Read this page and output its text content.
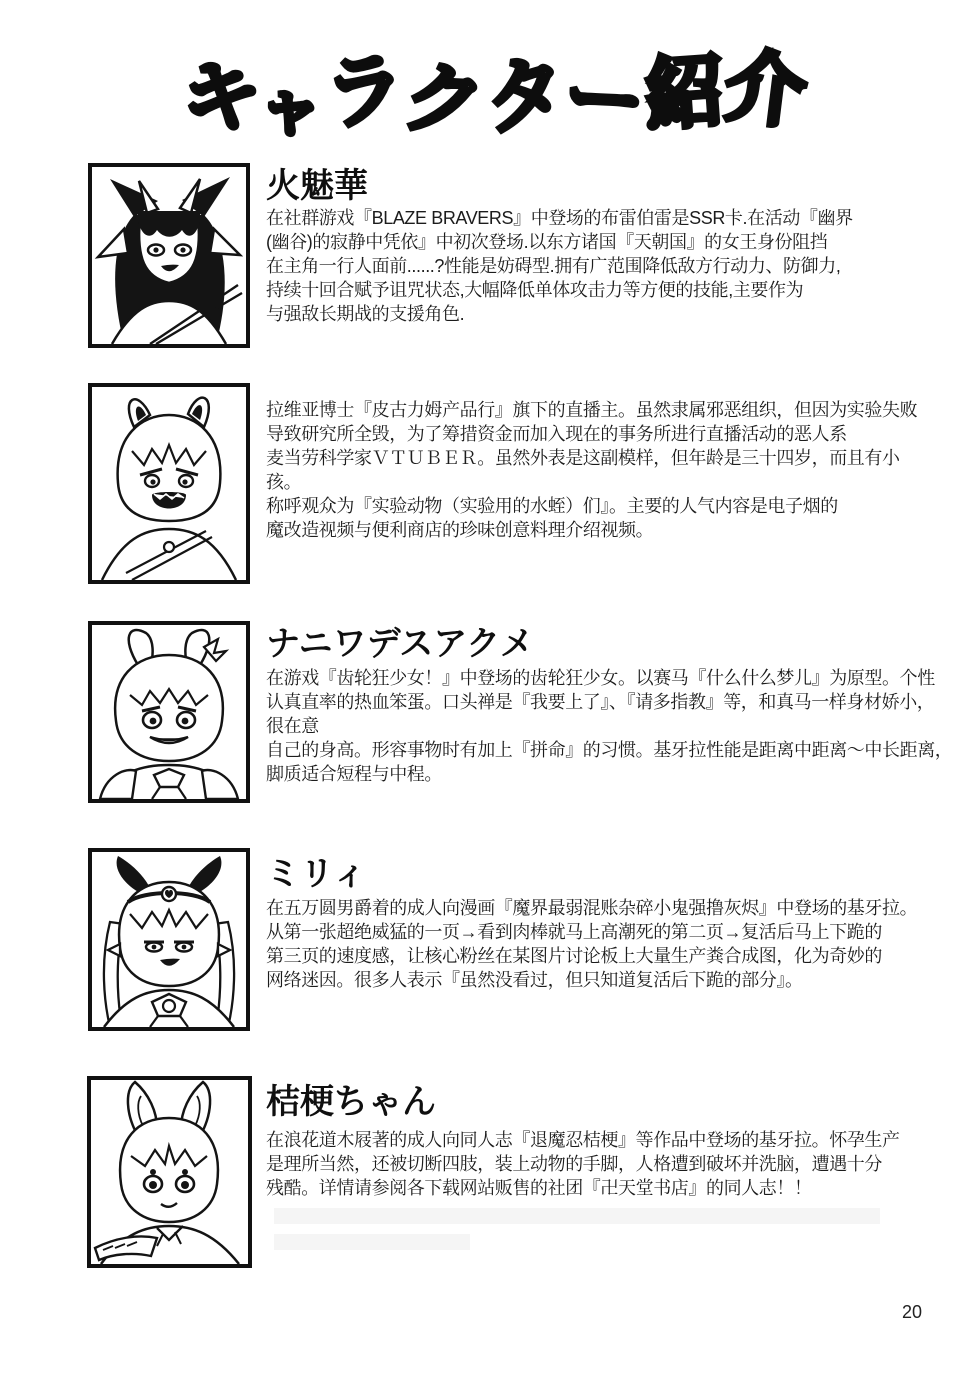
キ
ャ
ラ
ク
タ
ー
紹
介
火魅華
在社群游戏『BLAZE BRAVERS』中登场的布雷伯雷是SSR卡.在活动『幽界
(幽谷)的寂静中凭依』中初次登场.以东方诸国『天朝国』的女王身份阻挡
在主角一行人面前......?性能是妨碍型.拥有广范围降低敌方行动力、防御力,
持续十回合赋予诅咒状态,大幅降低单体攻击力等方便的技能,主要作为
与强敌长期战的支援角色.
拉维亚博士『皮古力姆产品行』旗下的直播主。虽然隶属邪恶组织，但因为实验失败
导致研究所全毁，为了筹措资金而加入现在的事务所进行直播活动的恶人系
麦当劳科学家ＶＴＵＢＥＲ。虽然外表是这副模样，但年龄是三十四岁，而且有小
孩。
称呼观众为『实验动物（实验用的水蛭）们』。主要的人气内容是电子烟的
魔改造视频与便利商店的珍味创意料理介绍视频。
ナニワデスアクメ
在游戏『齿轮狂少女！』中登场的齿轮狂少女。以赛马『什么什么梦儿』为原型。个性
认真直率的热血笨蛋。口头禅是『我要上了』、『请多指教』等，和真马一样身材娇小，
很在意
自己的身高。形容事物时有加上『拼命』的习惯。基牙拉性能是距离中距离～中长距离，
脚质适合短程与中程。
ミリィ
在五万圆男爵着的成人向漫画『魔界最弱混账杂碎小鬼强撸灰烬』中登场的基牙拉。
从第一张超绝威猛的一页→看到肉棒就马上高潮死的第二页→复活后马上下跪的
第三页的速度感，让核心粉丝在某图片讨论板上大量生产粪合成图，化为奇妙的
网络迷因。很多人表示『虽然没看过，但只知道复活后下跪的部分』。
桔梗ちゃん
在浪花道木屐著的成人向同人志『退魔忍桔梗』等作品中登场的基牙拉。怀孕生产
是理所当然，还被切断四肢，装上动物的手脚，人格遭到破坏并洗脑，遭遇十分
残酷。详情请参阅各下载网站贩售的社团『卍天堂书店』的同人志！！
20
